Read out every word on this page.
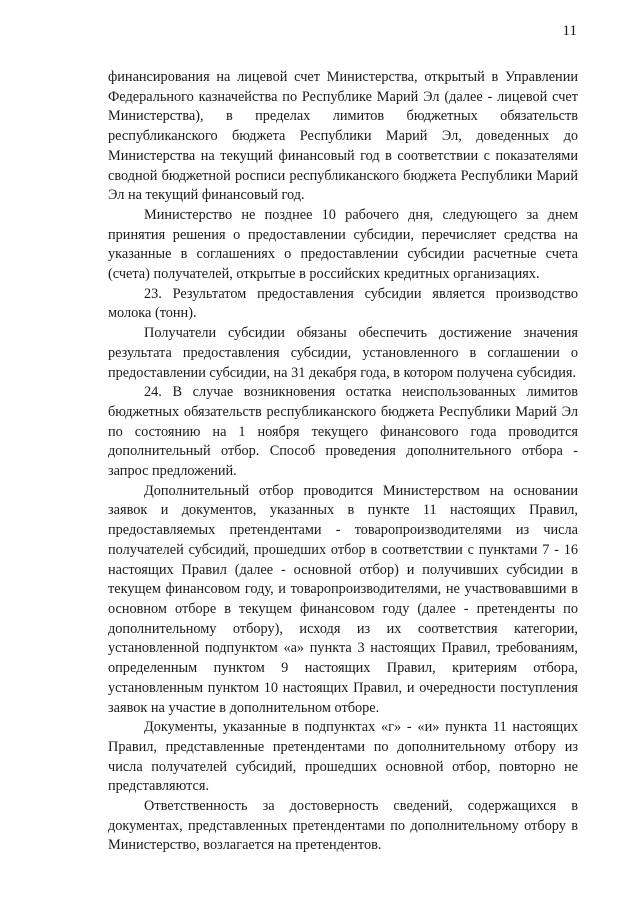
11

финансирования на лицевой счет Министерства, открытый в Управлении Федерального казначейства по Республике Марий Эл (далее - лицевой счет Министерства), в пределах лимитов бюджетных обязательств республиканского бюджета Республики Марий Эл, доведенных до Министерства на текущий финансовый год в соответствии с показателями сводной бюджетной росписи республиканского бюджета Республики Марий Эл на текущий финансовый год.

Министерство не позднее 10 рабочего дня, следующего за днем принятия решения о предоставлении субсидии, перечисляет средства на указанные в соглашениях о предоставлении субсидии расчетные счета (счета) получателей, открытые в российских кредитных организациях.

23. Результатом предоставления субсидии является производство молока (тонн).

Получатели субсидии обязаны обеспечить достижение значения результата предоставления субсидии, установленного в соглашении о предоставлении субсидии, на 31 декабря года, в котором получена субсидия.

24. В случае возникновения остатка неиспользованных лимитов бюджетных обязательств республиканского бюджета Республики Марий Эл по состоянию на 1 ноября текущего финансового года проводится дополнительный отбор. Способ проведения дополнительного отбора - запрос предложений.

Дополнительный отбор проводится Министерством на основании заявок и документов, указанных в пункте 11 настоящих Правил, предоставляемых претендентами - товаропроизводителями из числа получателей субсидий, прошедших отбор в соответствии с пунктами 7 - 16 настоящих Правил (далее - основной отбор) и получивших субсидии в текущем финансовом году, и товаропроизводителями, не участвовавшими в основном отборе в текущем финансовом году (далее - претенденты по дополнительному отбору), исходя из их соответствия категории, установленной подпунктом «а» пункта 3 настоящих Правил, требованиям, определенным пунктом 9 настоящих Правил, критериям отбора, установленным пунктом 10 настоящих Правил, и очередности поступления заявок на участие в дополнительном отборе.

Документы, указанные в подпунктах «г» - «и» пункта 11 настоящих Правил, представленные претендентами по дополнительному отбору из числа получателей субсидий, прошедших основной отбор, повторно не представляются.

Ответственность за достоверность сведений, содержащихся в документах, представленных претендентами по дополнительному отбору в Министерство, возлагается на претендентов.
